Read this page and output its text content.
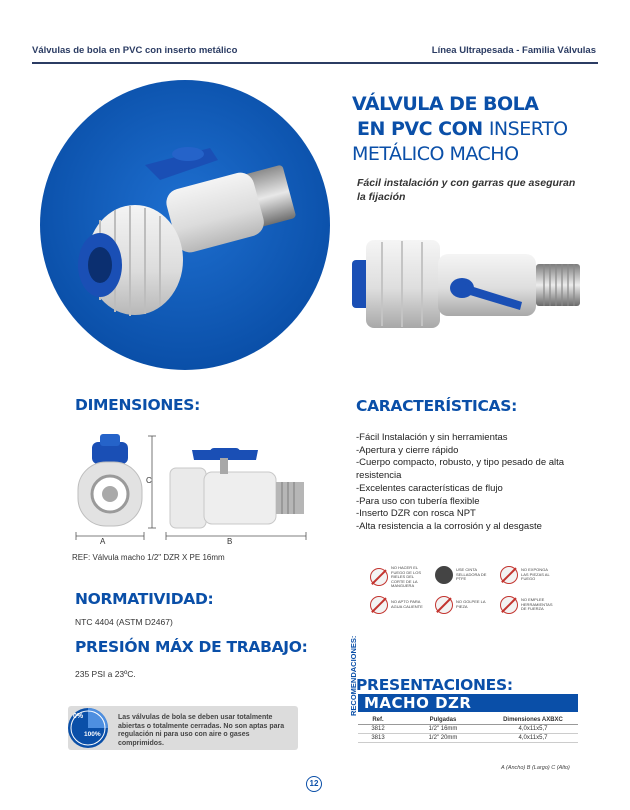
Válvulas de bola en PVC con inserto metálico	Línea Ultrapesada - Familia Válvulas
VÁLVULA DE BOLA
EN PVC CON INSERTO
METÁLICO MACHO
Fácil instalación y con garras que aseguran la fijación
DIMENSIONES:
A	B
C
REF: Válvula macho 1/2" DZR X PE 16mm
CARACTERÍSTICAS:
-Fácil Instalación y sin herramientas
-Apertura y cierre rápido
-Cuerpo compacto, robusto, y tipo pesado de alta resistencia
-Excelentes características de flujo
-Para uso con tubería flexible
-Inserto DZR con rosca NPT
-Alta resistencia a la corrosión y al desgaste
RECOMENDACIONES:
NO HACER EL FUEGO DE LOS RIELES DEL CORTE DE LA MANGUERA
USE CINTA SELLADORA DE PTFE
NO EXPONGA LAS PIEZAS AL FUEGO
NO APTO PARA AGUA CALIENTE
NO GOLPEE LA PIEZA
NO EMPLEE HERRAMIENTAS DE FUERZA
NORMATIVIDAD:
NTC 4404 (ASTM D2467)
PRESIÓN MÁX DE TRABAJO:
235 PSI a 23ºC.
PRESENTACIONES:
MACHO DZR
Ref.	Pulgadas	Dimensiones AXBXC
3812	1/2" 16mm	4,0x11x5,7
3813	1/2" 20mm	4,0x11x5,7
A (Ancho) B (Largo) C (Alto)
0%
100%
Las válvulas de bola se deben usar totalmente abiertas o totalmente cerradas. No son aptas para regulación ni para uso con aire o gases comprimidos.
12
